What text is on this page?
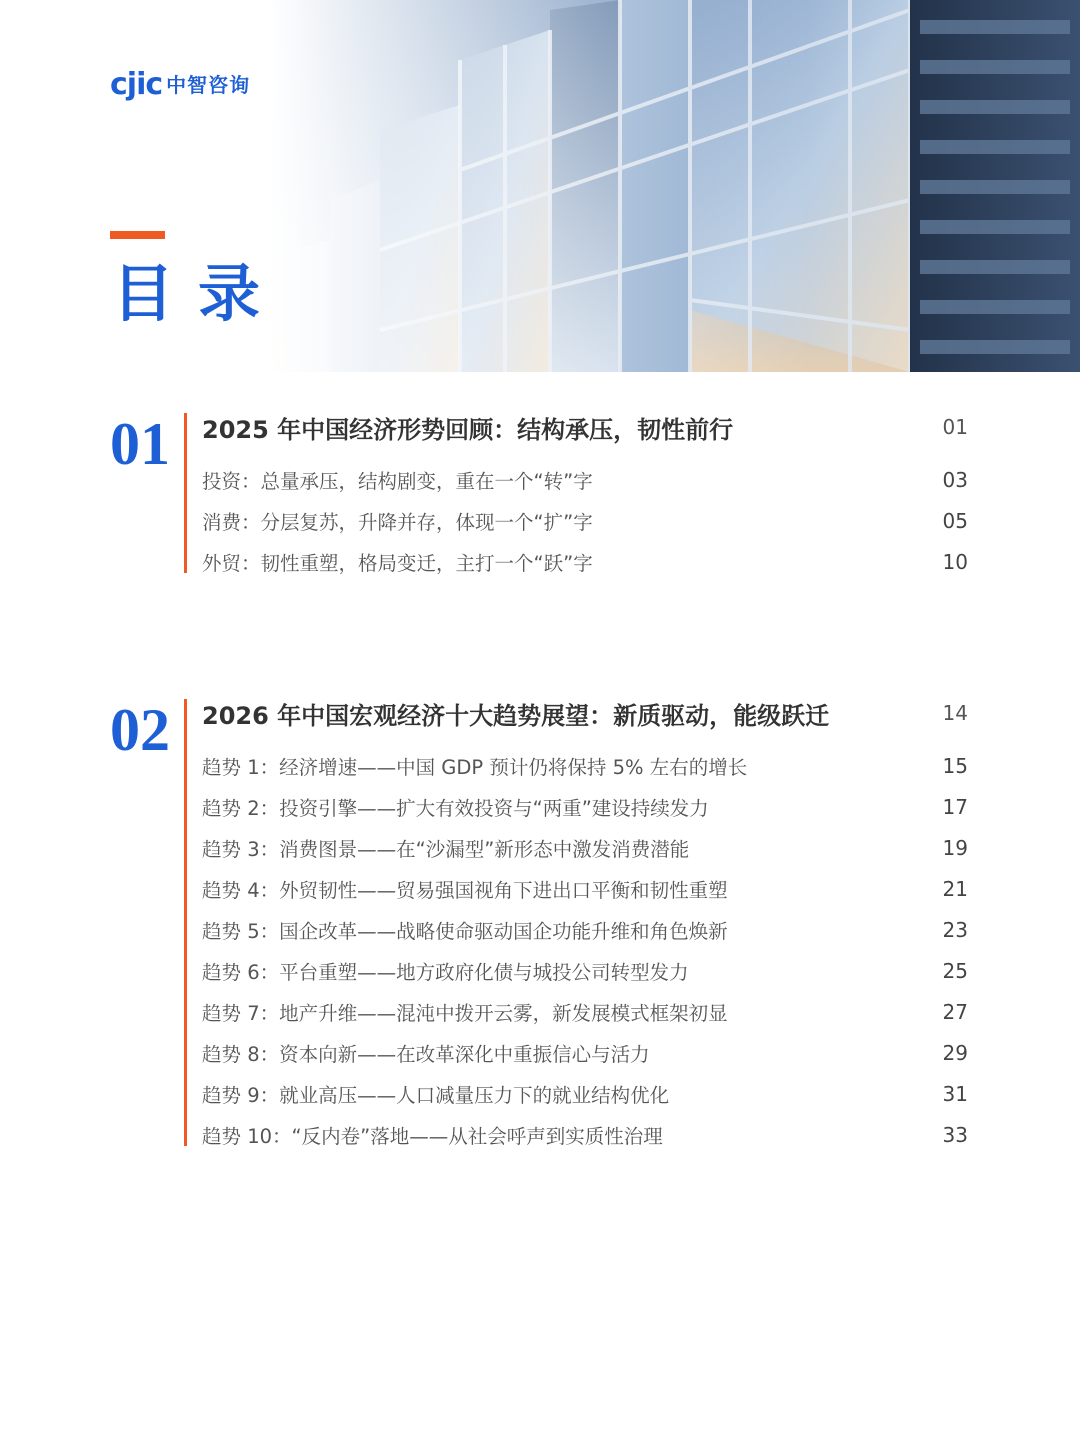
cjic 中智咨询
目录
01 2025 年中国经济形势回顾：结构承压，韧性前行	01
投资：总量承压，结构剧变，重在一个“转”字	03
消费：分层复苏，升降并存，体现一个“扩”字	05
外贸：韧性重塑，格局变迁，主打一个“跃”字	10
02 2026 年中国宏观经济十大趋势展望：新质驱动，能级跃迁	14
趋势 1：经济增速——中国 GDP 预计仍将保持 5% 左右的增长	15
趋势 2：投资引擎——扩大有效投资与“两重”建设持续发力	17
趋势 3：消费图景——在“沙漏型”新形态中激发消费潜能	19
趋势 4：外贸韧性——贸易强国视角下进出口平衡和韧性重塑	21
趋势 5：国企改革——战略使命驱动国企功能升维和角色焕新	23
趋势 6：平台重塑——地方政府化债与城投公司转型发力	25
趋势 7：地产升维——混沌中拨开云雾，新发展模式框架初显	27
趋势 8：资本向新——在改革深化中重振信心与活力	29
趋势 9：就业高压——人口减量压力下的就业结构优化	31
趋势 10：“反内卷”落地——从社会呼声到实质性治理	33
